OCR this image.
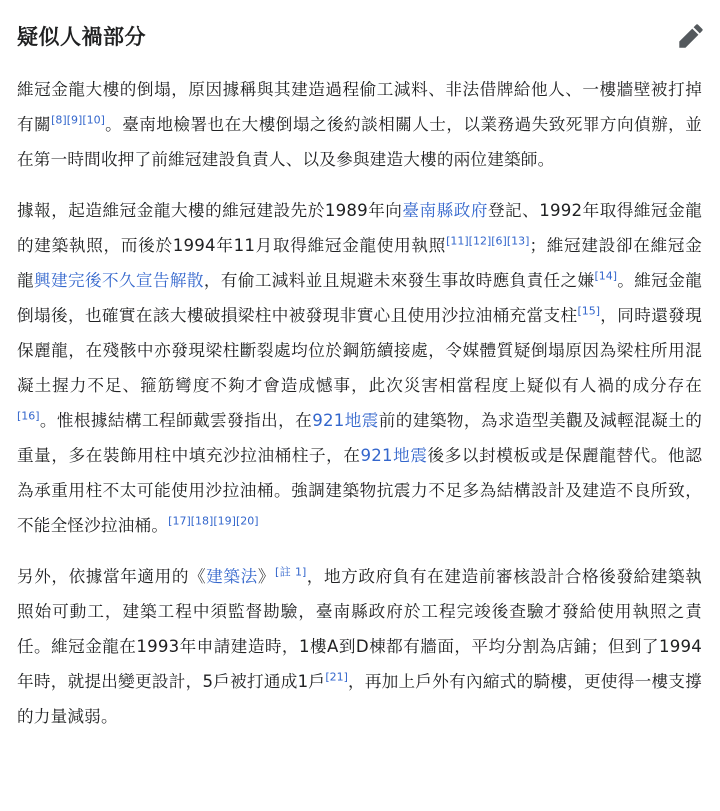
疑似人禍部分

維冠金龍大樓的倒塌，原因據稱與其建造過程偷工減料、非法借牌給他人、一樓牆壁被打掉有關[8][9][10]。臺南地檢署也在大樓倒塌之後約談相關人士，以業務過失致死罪方向偵辦，並在第一時間收押了前維冠建設負責人、以及參與建造大樓的兩位建築師。

據報，起造維冠金龍大樓的維冠建設先於1989年向臺南縣政府登記、1992年取得維冠金龍的建築執照，而後於1994年11月取得維冠金龍使用執照[11][12][6][13]；維冠建設卻在維冠金龍興建完後不久宣告解散，有偷工減料並且規避未來發生事故時應負責任之嫌[14]。維冠金龍倒塌後，也確實在該大樓破損梁柱中被發現非實心且使用沙拉油桶充當支柱[15]，同時還發現保麗龍，在殘骸中亦發現梁柱斷裂處均位於鋼筋續接處，令媒體質疑倒塌原因為梁柱所用混凝土握力不足、箍筋彎度不夠才會造成憾事，此次災害相當程度上疑似有人禍的成分存在[16]。惟根據結構工程師戴雲發指出，在921地震前的建築物，為求造型美觀及減輕混凝土的重量，多在裝飾用柱中填充沙拉油桶柱子，在921地震後多以封模板或是保麗龍替代。他認為承重用柱不太可能使用沙拉油桶。強調建築物抗震力不足多為結構設計及建造不良所致，不能全怪沙拉油桶。[17][18][19][20]

另外，依據當年適用的《建築法》[註 1]，地方政府負有在建造前審核設計合格後發給建築執照始可動工，建築工程中須監督勘驗，臺南縣政府於工程完竣後查驗才發給使用執照之責任。維冠金龍在1993年申請建造時，1樓A到D棟都有牆面，平均分割為店鋪；但到了1994年時，就提出變更設計，5戶被打通成1戶[21]，再加上戶外有內縮式的騎樓，更使得一樓支撐的力量減弱。
